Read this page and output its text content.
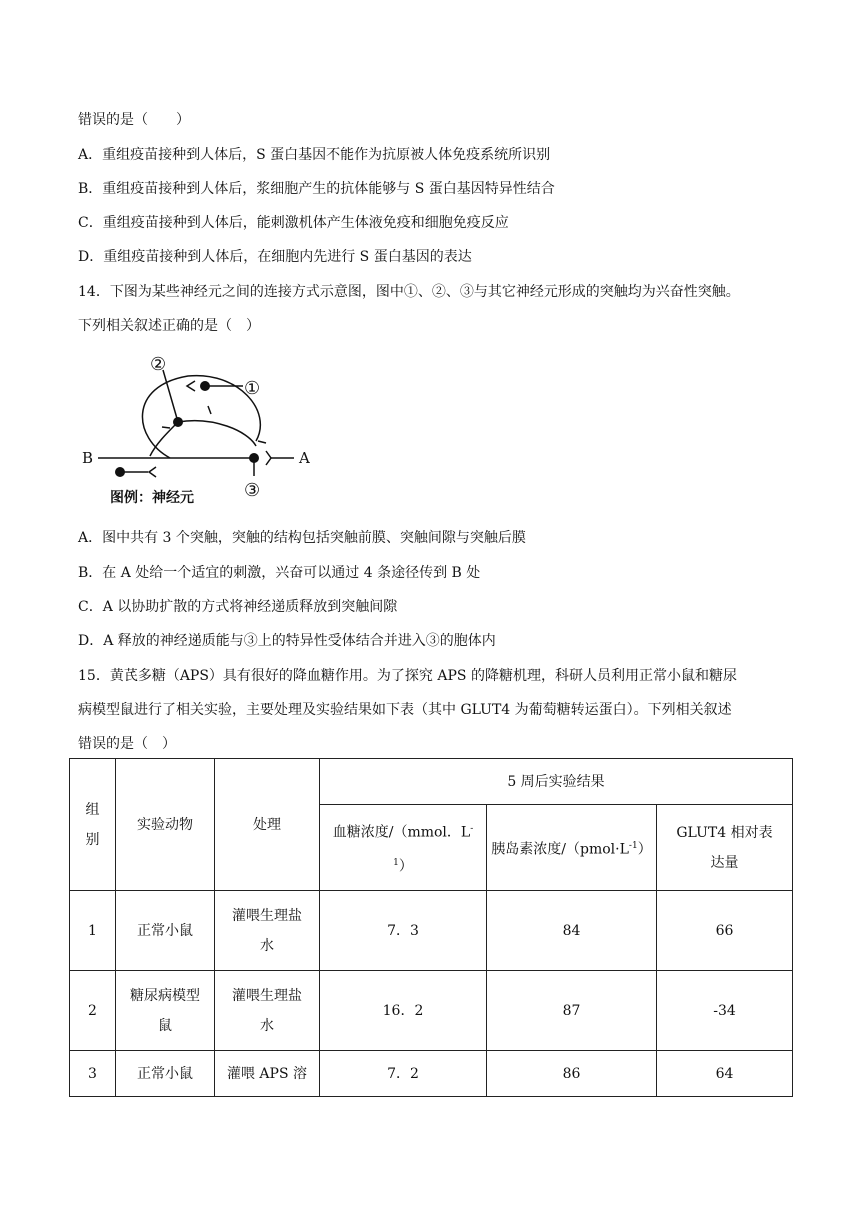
错误的是（　　）
A．重组疫苗接种到人体后，S 蛋白基因不能作为抗原被人体免疫系统所识别
B．重组疫苗接种到人体后，浆细胞产生的抗体能够与 S 蛋白基因特异性结合
C．重组疫苗接种到人体后，能刺激机体产生体液免疫和细胞免疫反应
D．重组疫苗接种到人体后，在细胞内先进行 S 蛋白基因的表达
14．下图为某些神经元之间的连接方式示意图，图中①、②、③与其它神经元形成的突触均为兴奋性突触。
下列相关叙述正确的是（　）
②
①
③
A
B
图例：神经元
A．图中共有 3 个突触，突触的结构包括突触前膜、突触间隙与突触后膜
B．在 A 处给一个适宜的刺激，兴奋可以通过 4 条途径传到 B 处
C．A 以协助扩散的方式将神经递质释放到突触间隙
D．A 释放的神经递质能与③上的特异性受体结合并进入③的胞体内
15．黄芪多糖（APS）具有很好的降血糖作用。为了探究 APS 的降糖机理，科研人员利用正常小鼠和糖尿
病模型鼠进行了相关实验，主要处理及实验结果如下表（其中 GLUT4 为葡萄糖转运蛋白）。下列相关叙述
错误的是（　）
组别	实验动物	处理	5 周后实验结果		
			血糖浓度/（mmol．$L^{-1}$）	胰岛素浓度$/(pmol\cdot L^{-1})$	GLUT4 相对表达量
1	正常小鼠	灌喂生理盐水	7．3	84	66
2	糖尿病模型鼠	灌喂生理盐水	16．2	87	-34
3	正常小鼠	灌喂 APS 溶	7．2	86	64
